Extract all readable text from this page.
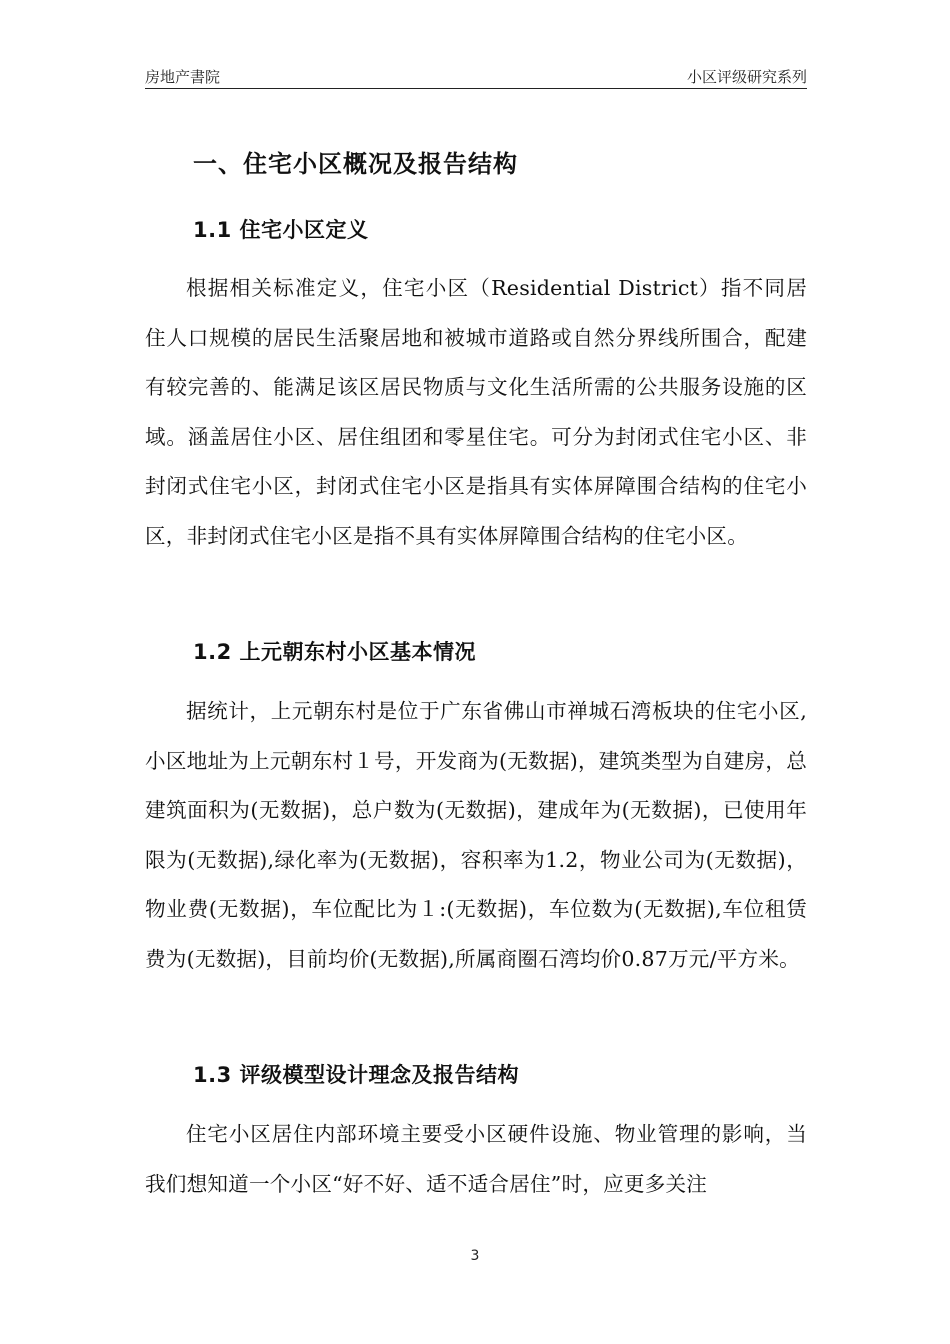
房地产書院	小区评级研究系列
一、住宅小区概况及报告结构
1.1 住宅小区定义
根据相关标准定义，住宅小区（Residential District）指不同居住人口规模的居民生活聚居地和被城市道路或自然分界线所围合，配建有较完善的、能满足该区居民物质与文化生活所需的公共服务设施的区域。涵盖居住小区、居住组团和零星住宅。可分为封闭式住宅小区、非封闭式住宅小区，封闭式住宅小区是指具有实体屏障围合结构的住宅小区，非封闭式住宅小区是指不具有实体屏障围合结构的住宅小区。
1.2 上元朝东村小区基本情况
据统计，上元朝东村是位于广东省佛山市禅城石湾板块的住宅小区,小区地址为上元朝东村１号，开发商为(无数据)，建筑类型为自建房，总建筑面积为(无数据)，总户数为(无数据)，建成年为(无数据)，已使用年限为(无数据),绿化率为(无数据)，容积率为1.2，物业公司为(无数据)，物业费(无数据)，车位配比为１:(无数据)，车位数为(无数据),车位租赁费为(无数据)，目前均价(无数据),所属商圈石湾均价0.87万元/平方米。
1.3 评级模型设计理念及报告结构
住宅小区居住内部环境主要受小区硬件设施、物业管理的影响，当我们想知道一个小区“好不好、适不适合居住”时，应更多关注
3
